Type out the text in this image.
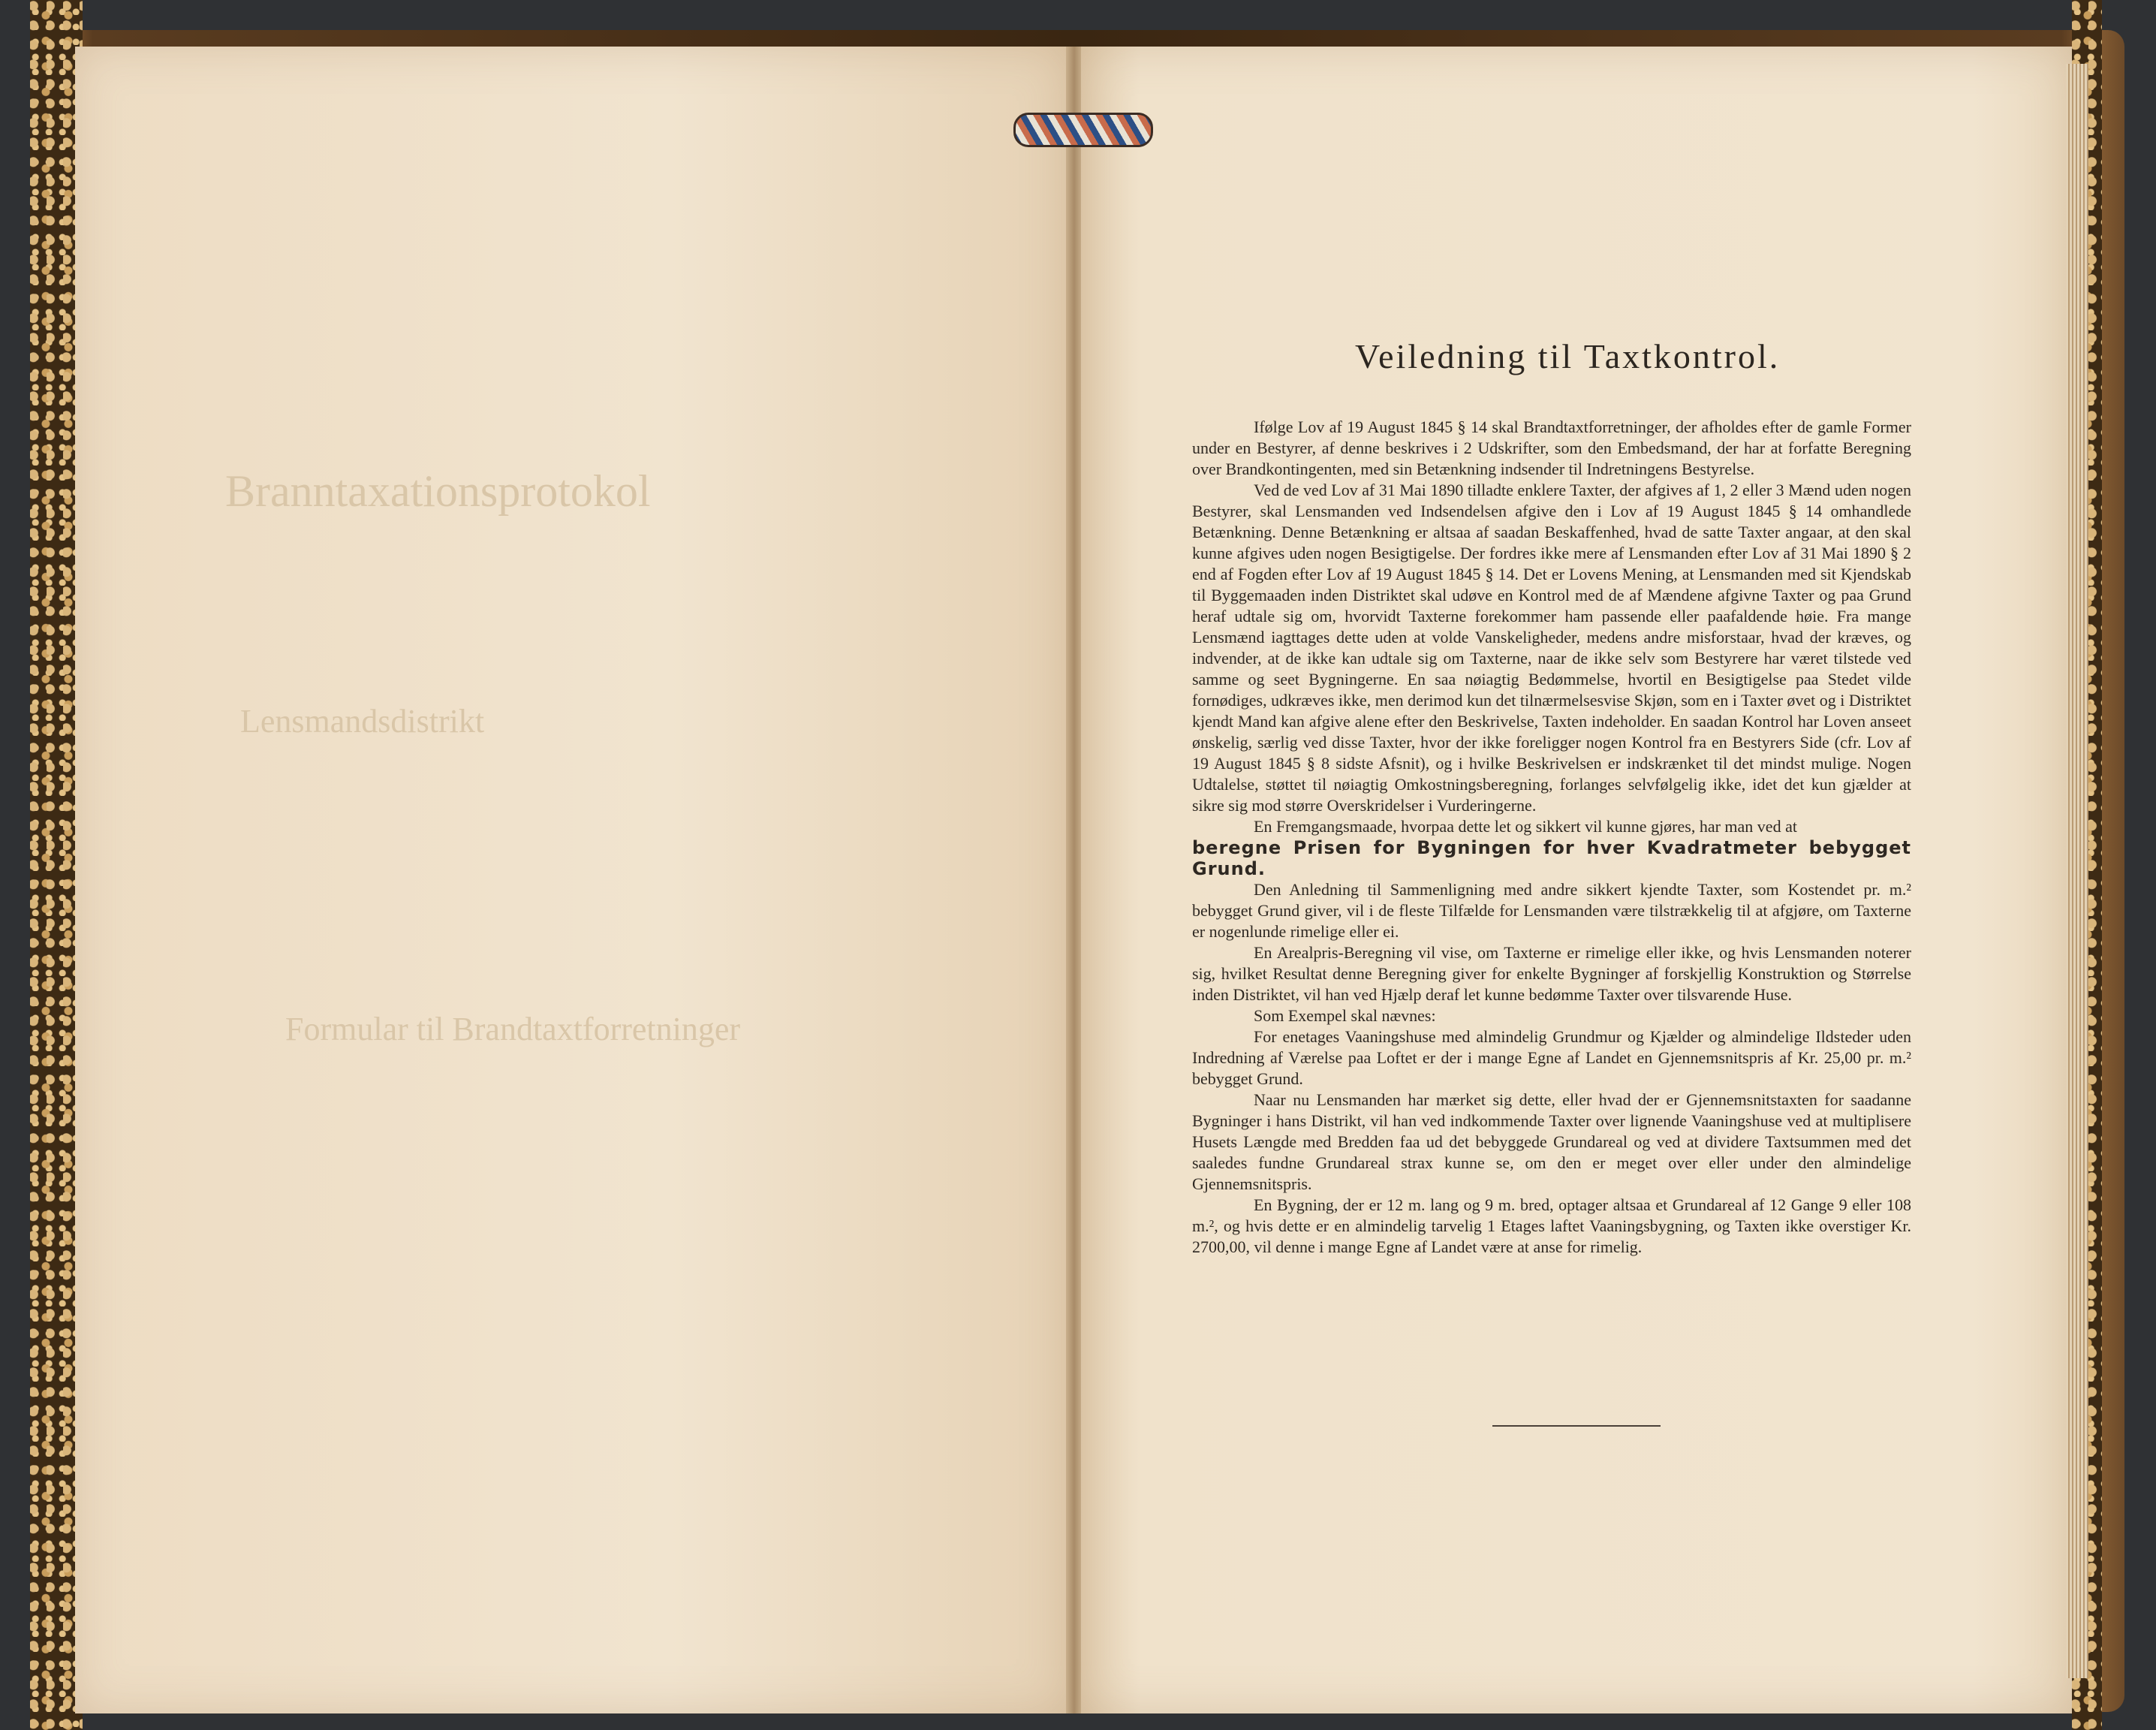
Branntaxationsprotokol
Lensmandsdistrikt
Formular til Brandtaxtforretninger
Veiledning til Taxtkontrol.

Ifølge Lov af 19 August 1845 § 14 skal Brandtaxtforretninger, der afholdes efter de gamle Former under en Bestyrer, af denne beskrives i 2 Udskrifter, som den Embedsmand, der har at forfatte Beregning over Brandkontingenten, med sin Betænkning indsender til Indretningens Bestyrelse.

Ved de ved Lov af 31 Mai 1890 tilladte enklere Taxter, der afgives af 1, 2 eller 3 Mænd uden nogen Bestyrer, skal Lensmanden ved Indsendelsen afgive den i Lov af 19 August 1845 § 14 omhandlede Betænkning. Denne Betænkning er altsaa af saadan Beskaffenhed, hvad de satte Taxter angaar, at den skal kunne afgives uden nogen Besigtigelse. Der fordres ikke mere af Lensmanden efter Lov af 31 Mai 1890 § 2 end af Fogden efter Lov af 19 August 1845 § 14. Det er Lovens Mening, at Lensmanden med sit Kjendskab til Byggemaaden inden Distriktet skal udøve en Kontrol med de af Mændene afgivne Taxter og paa Grund heraf udtale sig om, hvorvidt Taxterne forekommer ham passende eller paafaldende høie. Fra mange Lensmænd iagttages dette uden at volde Vanskeligheder, medens andre misforstaar, hvad der kræves, og indvender, at de ikke kan udtale sig om Taxterne, naar de ikke selv som Bestyrere har været tilstede ved samme og seet Bygningerne. En saa nøiagtig Bedømmelse, hvortil en Besigtigelse paa Stedet vilde fornødiges, udkræves ikke, men derimod kun det tilnærmelsesvise Skjøn, som en i Taxter øvet og i Distriktet kjendt Mand kan afgive alene efter den Beskrivelse, Taxten indeholder. En saadan Kontrol har Loven anseet ønskelig, særlig ved disse Taxter, hvor der ikke foreligger nogen Kontrol fra en Bestyrers Side (cfr. Lov af 19 August 1845 § 8 sidste Afsnit), og i hvilke Beskrivelsen er indskrænket til det mindst mulige. Nogen Udtalelse, støttet til nøiagtig Omkostningsberegning, forlanges selvfølgelig ikke, idet det kun gjælder at sikre sig mod større Overskridelser i Vurderingerne.

En Fremgangsmaade, hvorpaa dette let og sikkert vil kunne gjøres, har man ved at

beregne Prisen for Bygningen for hver Kvadratmeter bebygget Grund.

Den Anledning til Sammenligning med andre sikkert kjendte Taxter, som Kostendet pr. m.² bebygget Grund giver, vil i de fleste Tilfælde for Lensmanden være tilstrækkelig til at afgjøre, om Taxterne er nogenlunde rimelige eller ei.

En Arealpris-Beregning vil vise, om Taxterne er rimelige eller ikke, og hvis Lensmanden noterer sig, hvilket Resultat denne Beregning giver for enkelte Bygninger af forskjellig Konstruktion og Størrelse inden Distriktet, vil han ved Hjælp deraf let kunne bedømme Taxter over tilsvarende Huse.

Som Exempel skal nævnes:

For enetages Vaaningshuse med almindelig Grundmur og Kjælder og almindelige Ildsteder uden Indredning af Værelse paa Loftet er der i mange Egne af Landet en Gjennemsnitspris af Kr. 25,00 pr. m.² bebygget Grund.

Naar nu Lensmanden har mærket sig dette, eller hvad der er Gjennemsnitstaxten for saadanne Bygninger i hans Distrikt, vil han ved indkommende Taxter over lignende Vaaningshuse ved at multiplisere Husets Længde med Bredden faa ud det bebyggede Grundareal og ved at dividere Taxtsummen med det saaledes fundne Grundareal strax kunne se, om den er meget over eller under den almindelige Gjennemsnitspris.

En Bygning, der er 12 m. lang og 9 m. bred, optager altsaa et Grundareal af 12 Gange 9 eller 108 m.², og hvis dette er en almindelig tarvelig 1 Etages laftet Vaaningsbygning, og Taxten ikke overstiger Kr. 2700,00, vil denne i mange Egne af Landet være at anse for rimelig.
